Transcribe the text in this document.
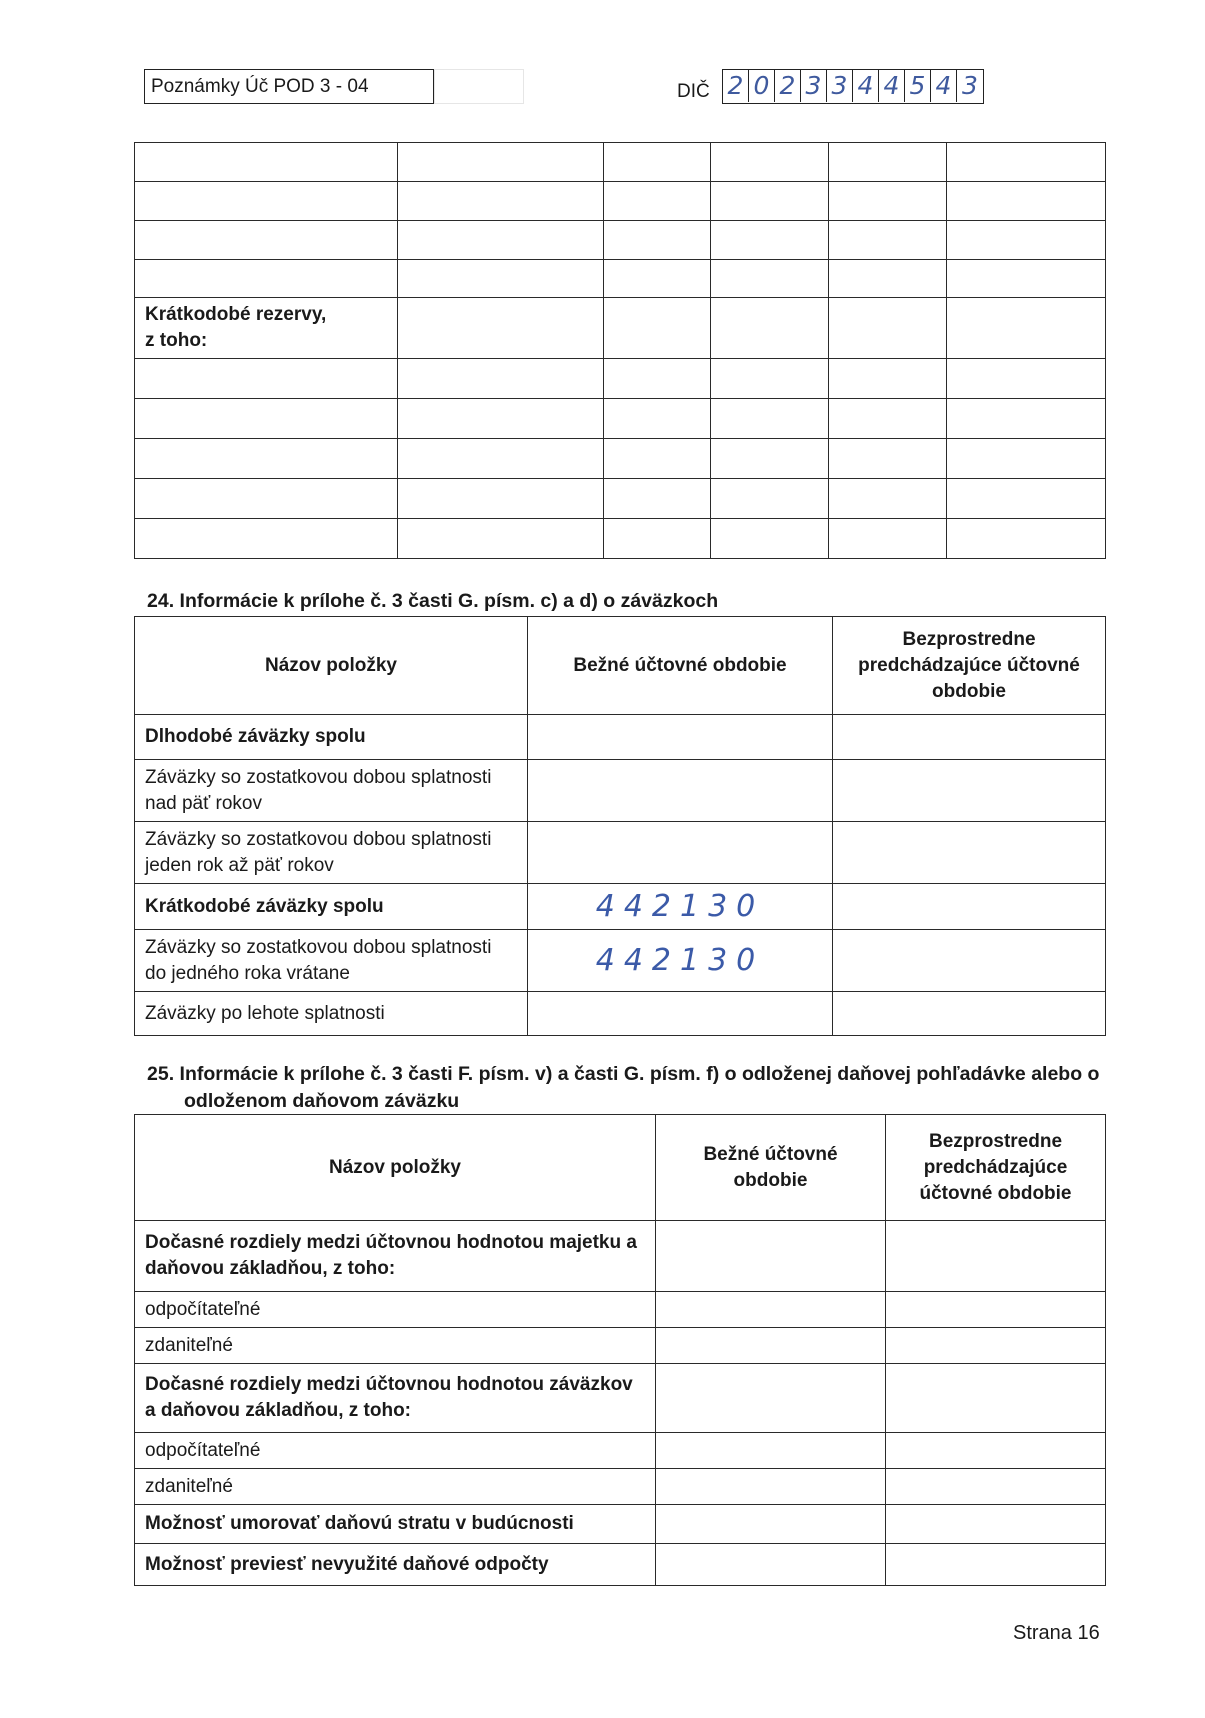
Poznámky Úč POD 3 - 04	DIČ 2 0 2 3 3 4 4 5 4 3

Krátkodobé rezervy,
z toho:					

24. Informácie k prílohe č. 3 časti G. písm. c) a d) o záväzkoch
Názov položky	Bežné účtovné obdobie	Bezprostredne predchádzajúce účtovné obdobie
Dlhodobé záväzky spolu		
Záväzky so zostatkovou dobou splatnosti nad päť rokov		
Záväzky so zostatkovou dobou splatnosti jeden rok až päť rokov		
Krátkodobé záväzky spolu	442130	
Záväzky so zostatkovou dobou splatnosti do jedného roka vrátane	442130	
Záväzky po lehote splatnosti		
25. Informácie k prílohe č. 3 časti F. písm. v) a časti G. písm. f) o odloženej daňovej pohľadávke alebo o
odloženom daňovom záväzku
Názov položky	Bežné účtovné obdobie	Bezprostredne predchádzajúce účtovné obdobie
Dočasné rozdiely medzi účtovnou hodnotou majetku a daňovou základňou, z toho:		
odpočítateľné		
zdaniteľné		
Dočasné rozdiely medzi účtovnou hodnotou záväzkov a daňovou základňou, z toho:		
odpočítateľné		
zdaniteľné		
Možnosť umorovať daňovú stratu v budúcnosti		
Možnosť previesť nevyužité daňové odpočty		
Strana 16
